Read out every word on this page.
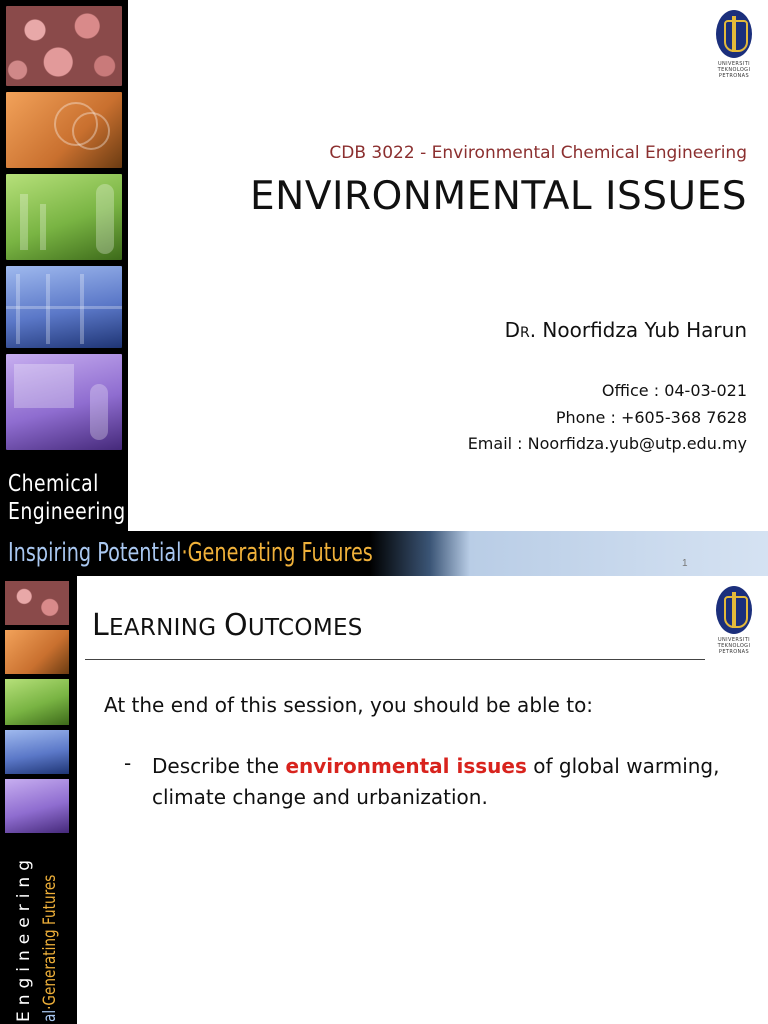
Chemical
Engineering
Inspiring Potential·Generating Futures
UNIVERSITI
TEKNOLOGI
PETRONAS
CDB 3022 - Environmental Chemical Engineering
ENVIRONMENTAL ISSUES
DR. Noorfidza Yub Harun
Office : 04-03-021
Phone : +605-368 7628
Email : Noorfidza.yub@utp.edu.my
1
Engineering al·Generating Futures
UNIVERSITI
TEKNOLOGI
PETRONAS
LEARNING OUTCOMES
At the end of this session, you should be able to:
- Describe the environmental issues of global warming, climate change and urbanization.
